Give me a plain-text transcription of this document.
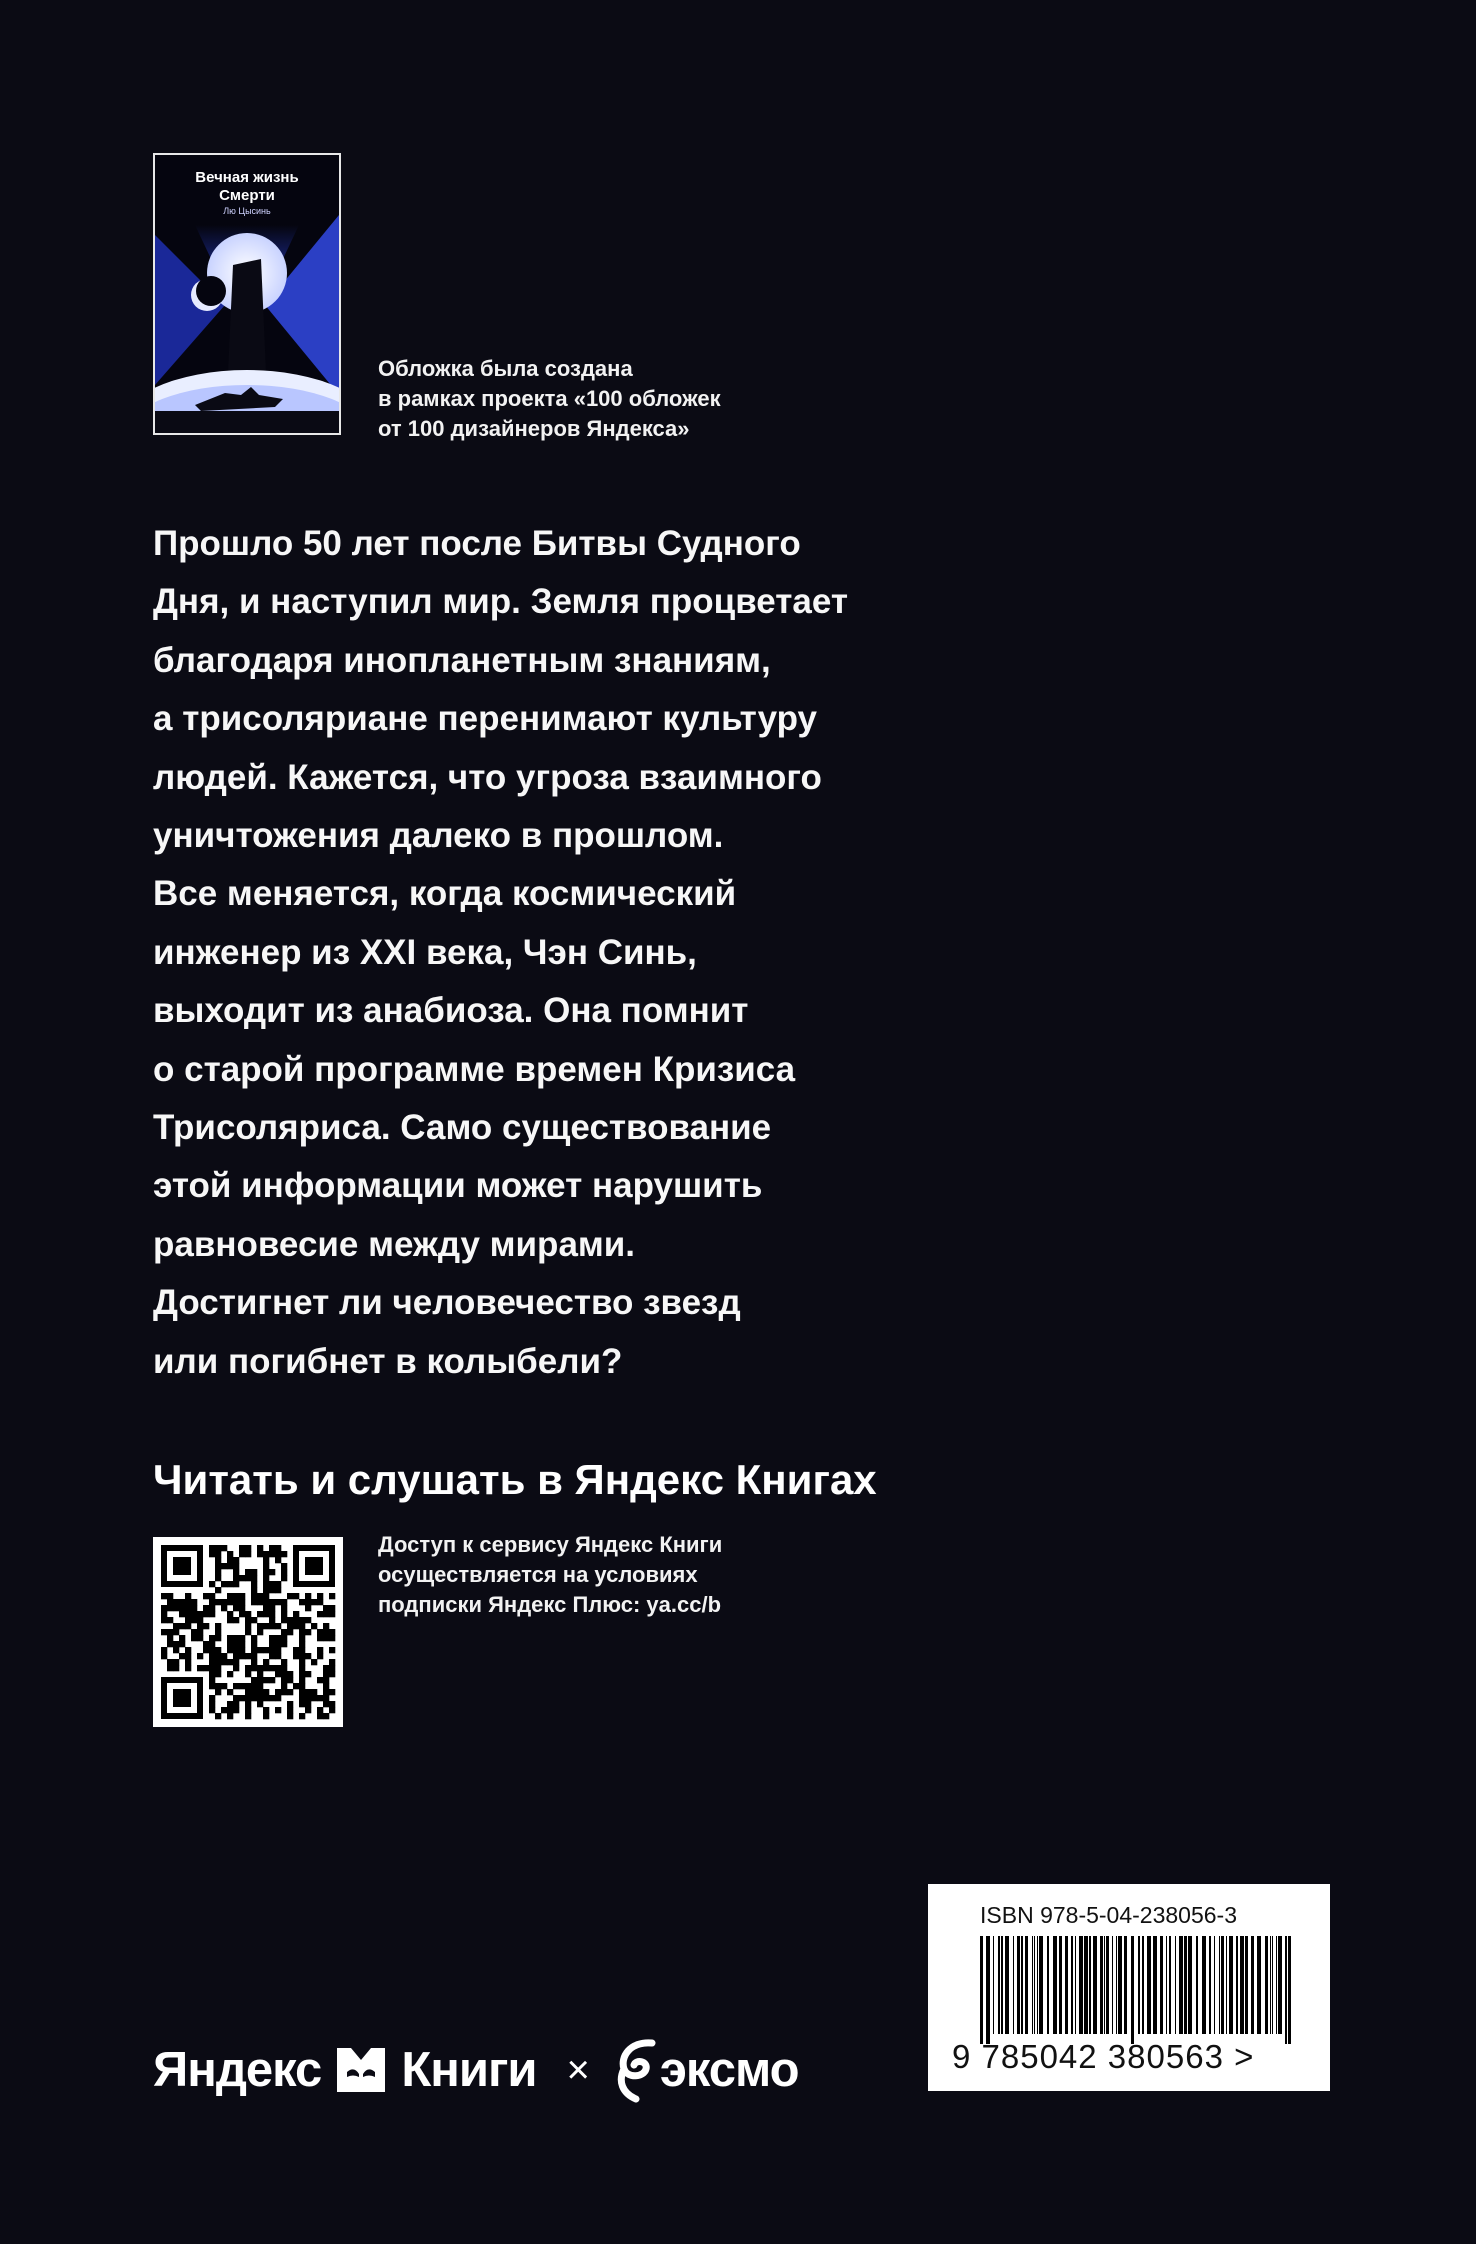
Вечная жизнь
Смерти
Лю Цысинь
Обложка была создана
в рамках проекта «100 обложек
от 100 дизайнеров Яндекса»
Прошло 50 лет после Битвы Судного
Дня, и наступил мир. Земля процветает
благодаря инопланетным знаниям,
а трисоляриане перенимают культуру
людей. Кажется, что угроза взаимного
уничтожения далеко в прошлом.
Все меняется, когда космический
инженер из XXI века, Чэн Синь,
выходит из анабиоза. Она помнит
о старой программе времен Кризиса
Трисоляриса. Само существование
этой информации может нарушить
равновесие между мирами.
Достигнет ли человечество звезд
или погибнет в колыбели?
Читать и слушать в Яндекс Книгах
Доступ к сервису Яндекс Книги
осуществляется на условиях
подписки Яндекс Плюс: ya.cc/b
Яндекс Книги × эксмо
ISBN 978-5-04-238056-3
9 785042 380563 >
